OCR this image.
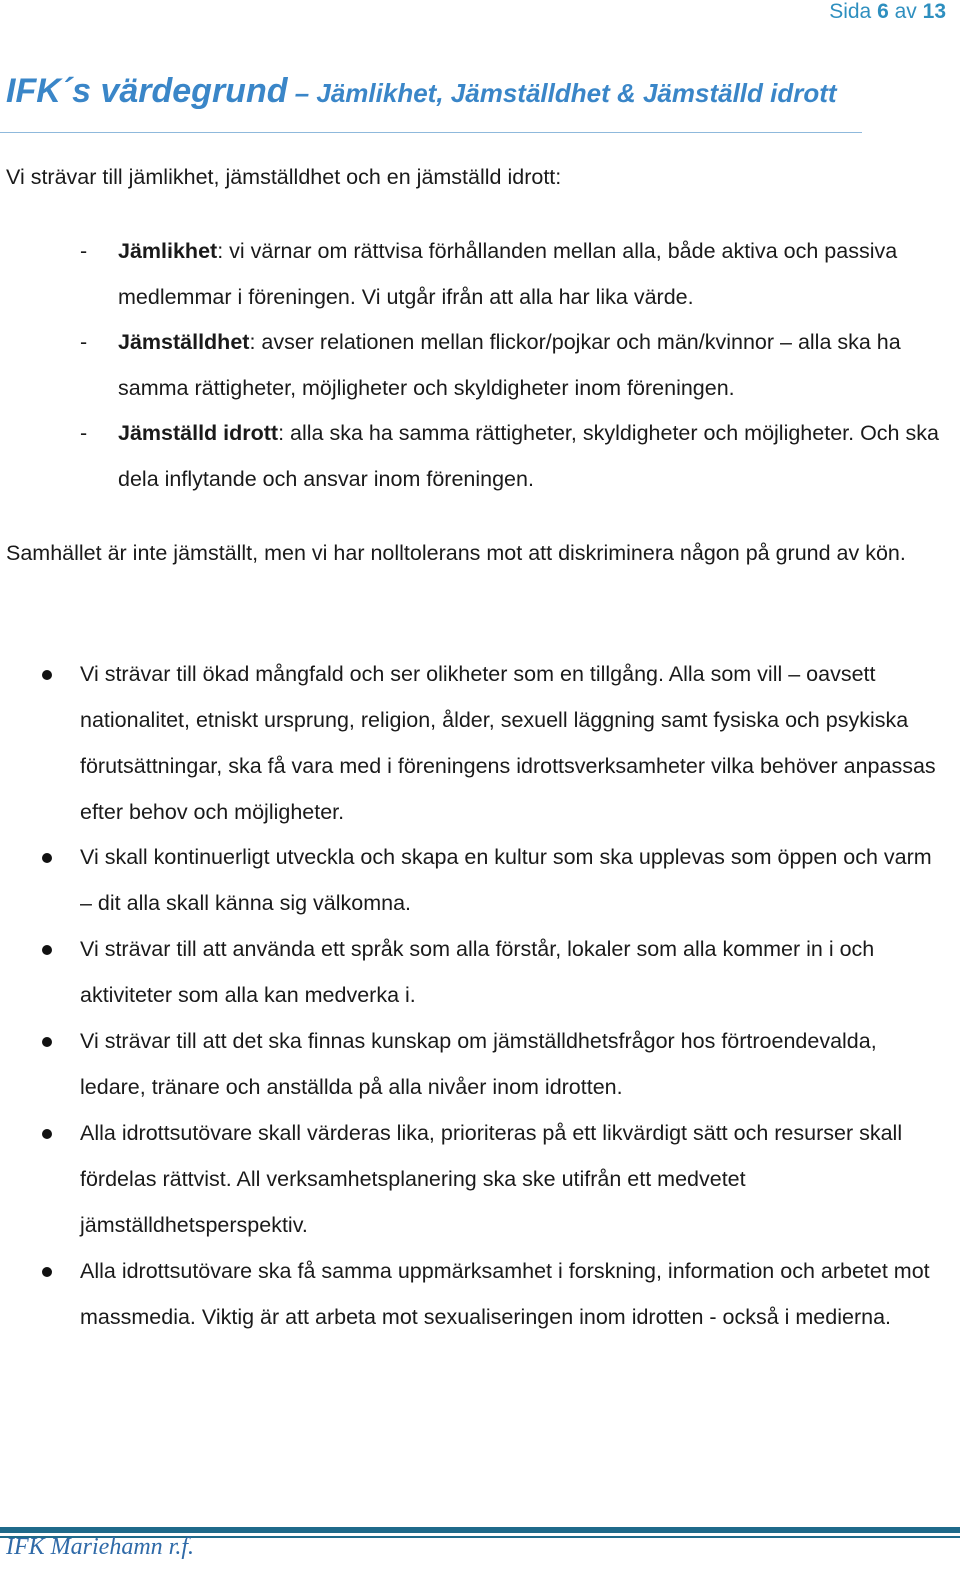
Sida 6 av 13
IFK´s värdegrund – Jämlikhet, Jämställdhet & Jämställd idrott

Vi strävar till jämlikhet, jämställdhet och en jämställd idrott:

- Jämlikhet: vi värnar om rättvisa förhållanden mellan alla, både aktiva och passiva medlemmar i föreningen. Vi utgår ifrån att alla har lika värde.
- Jämställdhet: avser relationen mellan flickor/pojkar och män/kvinnor – alla ska ha samma rättigheter, möjligheter och skyldigheter inom föreningen.
- Jämställd idrott: alla ska ha samma rättigheter, skyldigheter och möjligheter. Och ska dela inflytande och ansvar inom föreningen.

Samhället är inte jämställt, men vi har nolltolerans mot att diskriminera någon på grund av kön.

Vi strävar till ökad mångfald och ser olikheter som en tillgång. Alla som vill – oavsett nationalitet, etniskt ursprung, religion, ålder, sexuell läggning samt fysiska och psykiska förutsättningar, ska få vara med i föreningens idrottsverksamheter vilka behöver anpassas efter behov och möjligheter.
Vi skall kontinuerligt utveckla och skapa en kultur som ska upplevas som öppen och varm – dit alla skall känna sig välkomna.
Vi strävar till att använda ett språk som alla förstår, lokaler som alla kommer in i och aktiviteter som alla kan medverka i.
Vi strävar till att det ska finnas kunskap om jämställdhetsfrågor hos förtroendevalda, ledare, tränare och anställda på alla nivåer inom idrotten.
Alla idrottsutövare skall värderas lika, prioriteras på ett likvärdigt sätt och resurser skall fördelas rättvist. All verksamhetsplanering ska ske utifrån ett medvetet jämställdhetsperspektiv.
Alla idrottsutövare ska få samma uppmärksamhet i forskning, information och arbetet mot massmedia. Viktig är att arbeta mot sexualiseringen inom idrotten - också i medierna.
IFK Mariehamn r.f.
